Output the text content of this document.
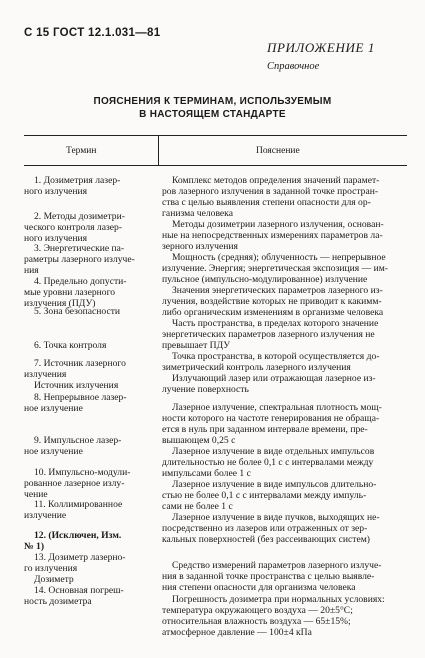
С 15 ГОСТ 12.1.031—81
ПРИЛОЖЕНИЕ 1
Справочное
ПОЯСНЕНИЯ К ТЕРМИНАМ, ИСПОЛЬЗУЕМЫМ
В НАСТОЯЩЕМ СТАНДАРТЕ
Термин	Пояснение
1. Дозиметрия лазер-
ного излучения
2. Методы дозиметри-
ческого контроля лазер-
ного излучения
3. Энергетические па-
раметры лазерного излуче-
ния
4. Предельно допусти-
мые уровни лазерного
излучения (ПДУ)
5. Зона безопасности
6. Точка контроля
7. Источник лазерного
излучения
Источник излучения
8. Непрерывное лазер-
ное излучение
9. Импульсное лазер-
ное излучение
10. Импульсно-модули-
рованное лазерное излу-
чение
11. Коллимированное
излучение
12. (Исключен, Изм.
№ 1)
13. Дозиметр лазерно-
го излучения
Дозиметр
14. Основная погреш-
ность дозиметра
Комплекс методов определения значений парамет-
ров лазерного излучения в заданной точке простран-
ства с целью выявления степени опасности для ор-
ганизма человека
Методы дозиметрии лазерного излучения, основан-
ные на непосредственных измерениях параметров ла-
зерного излучения
Мощность (средняя); облученность — непрерывное
излучение. Энергия; энергетическая экспозиция — им-
пульсное (импульсно-модулированное) излучение
Значения энергетических параметров лазерного из-
лучения, воздействие которых не приводит к какимм-
либо органическим изменениям в организме человека
Часть пространства, в пределах которого значение
энергетических параметров лазерного излучения не
превышает ПДУ
Точка пространства, в которой осуществляется до-
зиметрический контроль лазерного излучения
Излучающий лазер или отражающая лазерное из-
лучение поверхность
Лазерное излучение, спектральная плотность мощ-
ности которого на частоте генерирования не обраща-
ется в нуль при заданном интервале времени, пре-
вышающем 0,25 с
Лазерное излучение в виде отдельных импульсов
длительностью не более 0,1 с с интервалами между
импульсами более 1 с
Лазерное излучение в виде импульсов длительно-
стью не более 0,1 с с интервалами между импуль-
сами не более 1 с
Лазерное излучение в виде пучков, выходящих не-
посредственно из лазеров или отраженных от зер-
кальных поверхностей (без рассеивающих систем)
Средство измерений параметров лазерного излуче-
ния в заданной точке пространства с целью выявле-
ния степени опасности для организма человека
Погрешность дозиметра при нормальных условиях:
температура окружающего воздуха — 20±5°С;
относительная влажность воздуха — 65±15%;
атмосферное давление — 100±4 кПа
